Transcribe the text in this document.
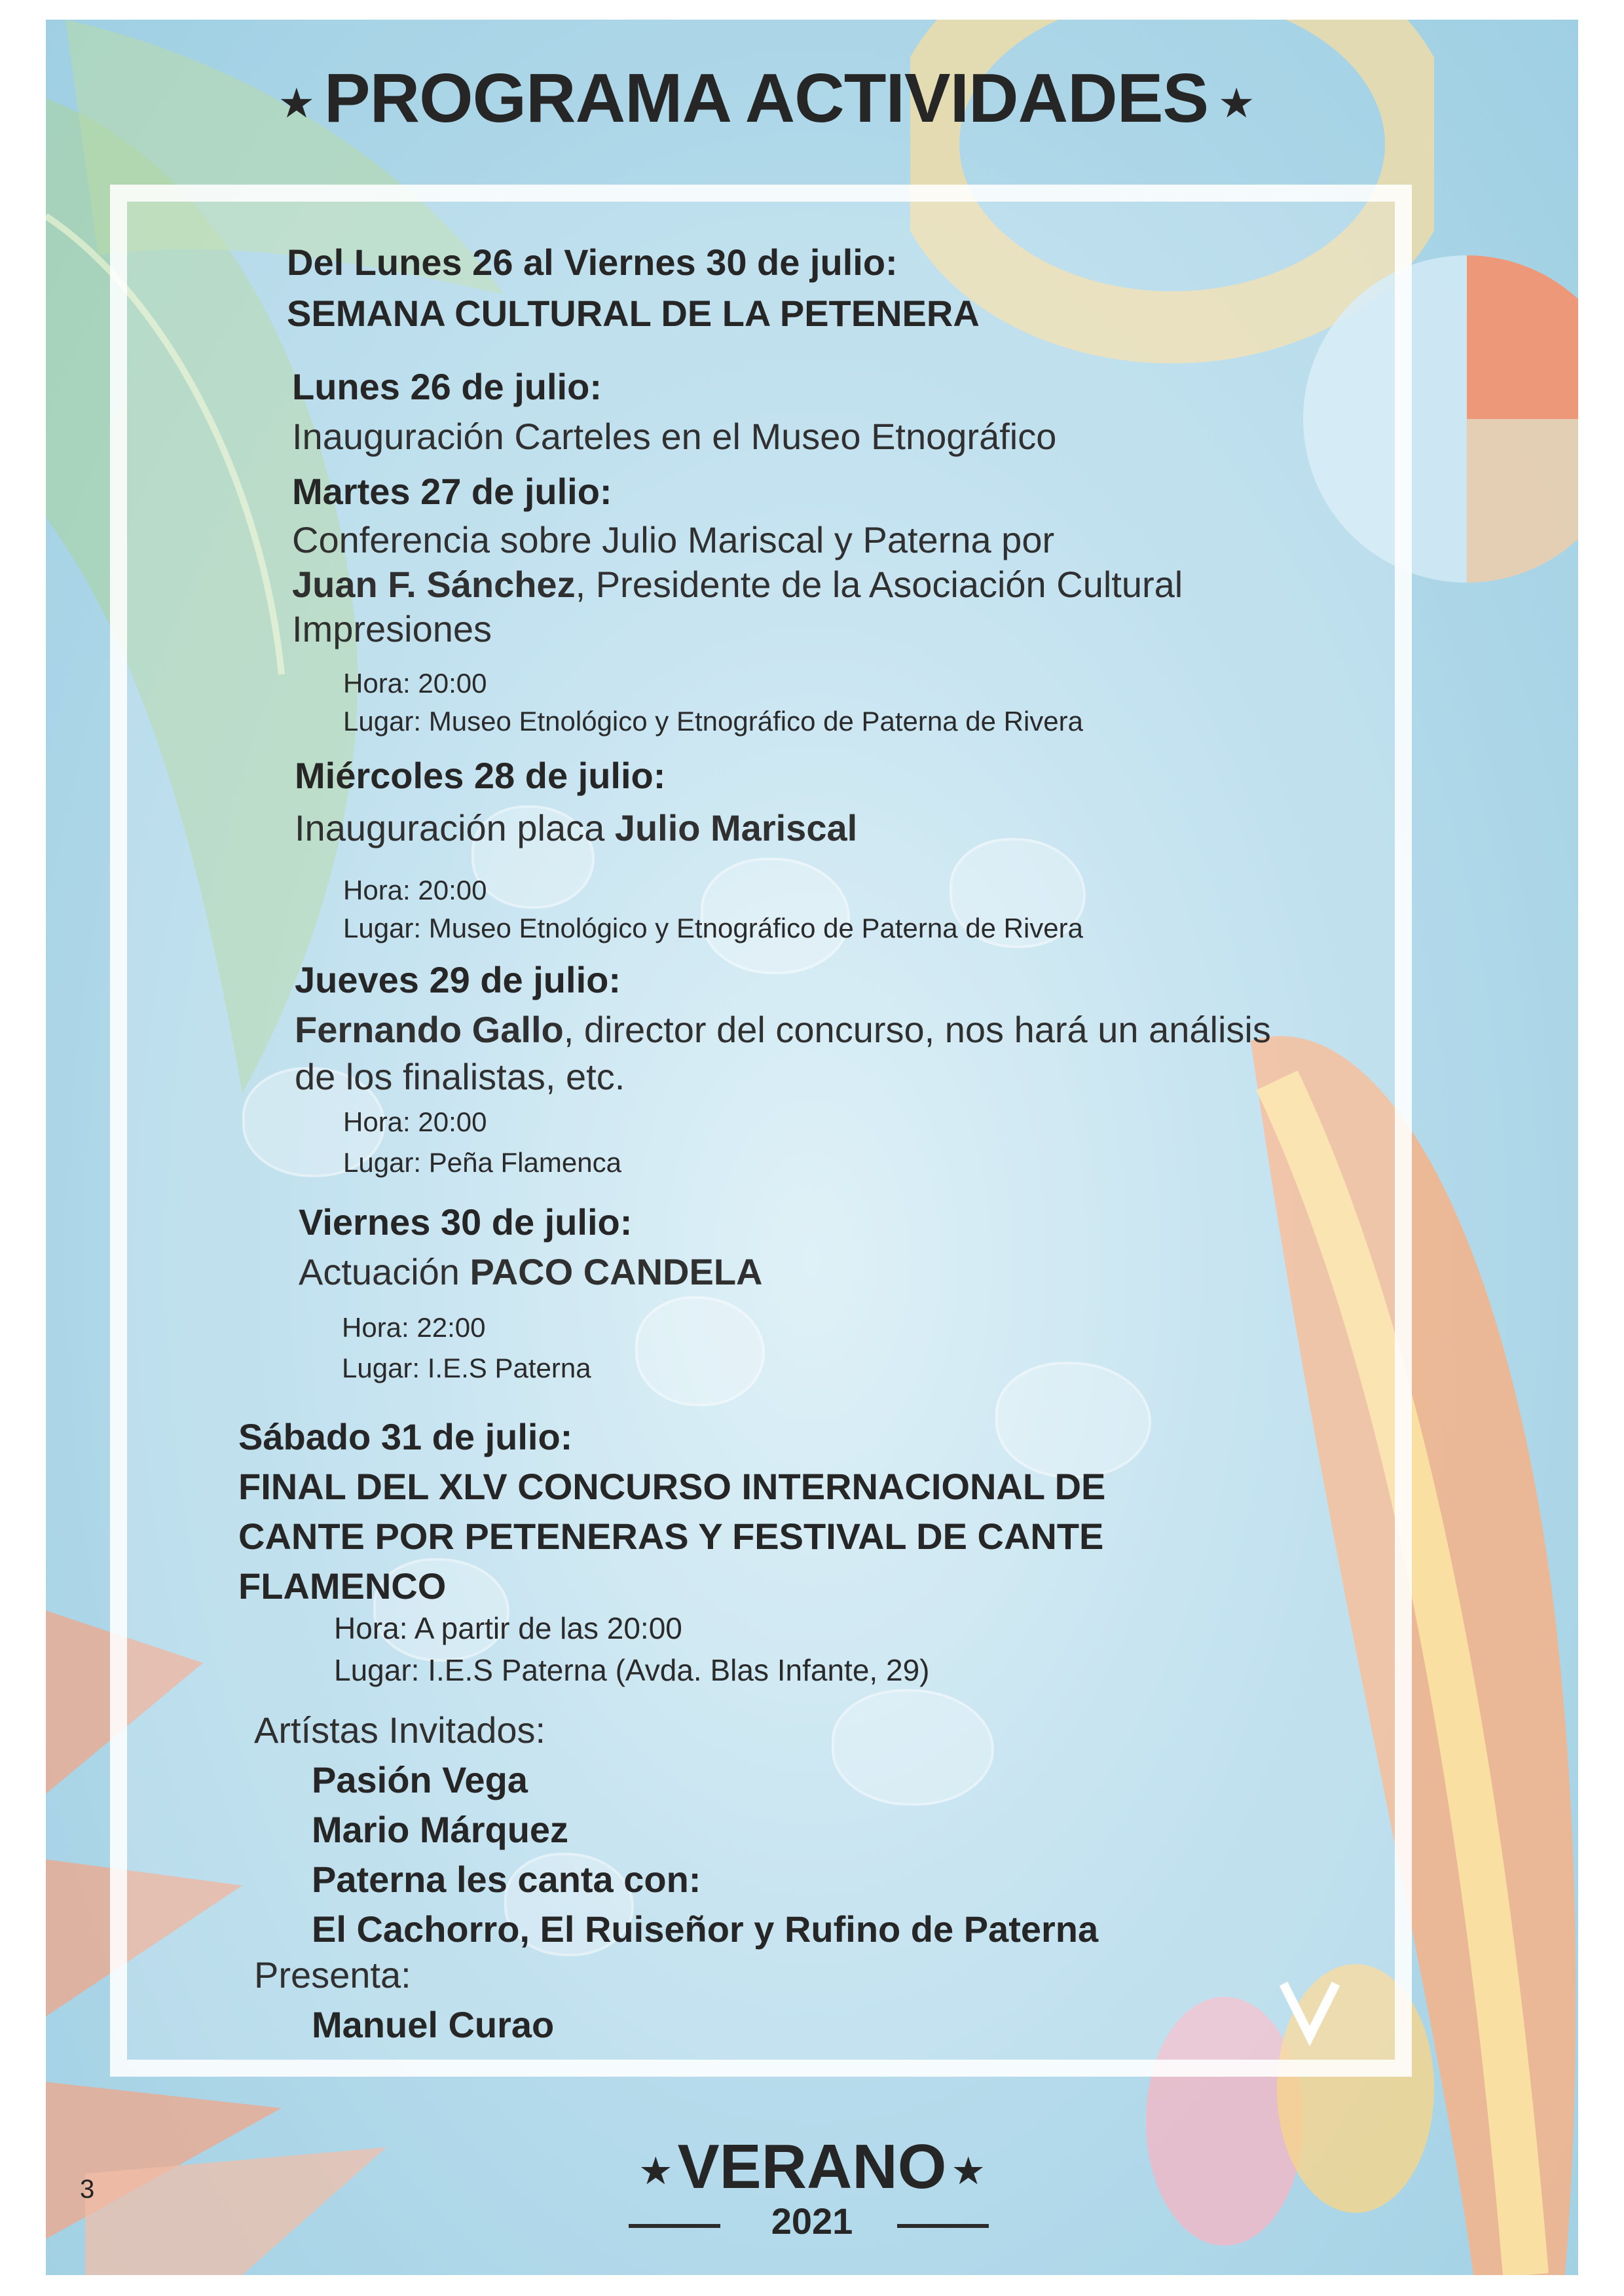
★ PROGRAMA ACTIVIDADES ★
Del Lunes 26 al Viernes 30 de julio:
SEMANA CULTURAL DE LA PETENERA
Lunes 26 de julio:
Inauguración Carteles en el Museo Etnográfico
Martes 27 de julio:
Conferencia sobre Julio Mariscal y Paterna por
Juan F. Sánchez, Presidente de la Asociación Cultural
Impresiones
Hora: 20:00
Lugar: Museo Etnológico y Etnográfico de Paterna de Rivera
Miércoles 28 de julio:
Inauguración placa Julio Mariscal
Hora: 20:00
Lugar: Museo Etnológico y Etnográfico de Paterna de Rivera
Jueves 29 de julio:
Fernando Gallo, director del concurso, nos hará un análisis
de los finalistas, etc.
Hora: 20:00
Lugar: Peña Flamenca
Viernes 30 de julio:
Actuación PACO CANDELA
Hora: 22:00
Lugar: I.E.S Paterna
Sábado 31 de julio:
FINAL DEL XLV CONCURSO INTERNACIONAL DE
CANTE POR PETENERAS Y FESTIVAL DE CANTE
FLAMENCO
Hora: A partir de las 20:00
Lugar: I.E.S Paterna (Avda. Blas Infante, 29)
Artístas Invitados:
Pasión Vega
Mario Márquez
Paterna les canta con:
El Cachorro, El Ruiseñor y Rufino de Paterna
Presenta:
Manuel Curao
★ VERANO ★
2021
3
